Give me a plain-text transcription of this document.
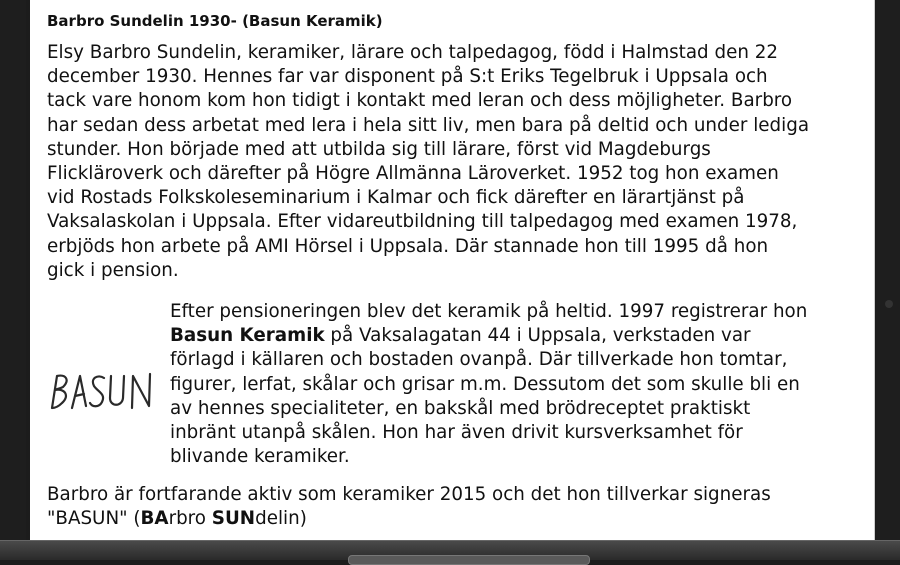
Barbro Sundelin 1930- (Basun Keramik)

Elsy Barbro Sundelin, keramiker, lärare och talpedagog, född i Halmstad den 22
december 1930. Hennes far var disponent på S:t Eriks Tegelbruk i Uppsala och
tack vare honom kom hon tidigt i kontakt med leran och dess möjligheter. Barbro
har sedan dess arbetat med lera i hela sitt liv, men bara på deltid och under lediga
stunder. Hon började med att utbilda sig till lärare, först vid Magdeburgs
Flickläroverk och därefter på Högre Allmänna Läroverket. 1952 tog hon examen
vid Rostads Folkskoleseminarium i Kalmar och fick därefter en lärartjänst på
Vaksalaskolan i Uppsala. Efter vidareutbildning till talpedagog med examen 1978,
erbjöds hon arbete på AMI Hörsel i Uppsala. Där stannade hon till 1995 då hon
gick i pension.

Efter pensioneringen blev det keramik på heltid. 1997 registrerar hon
Basun Keramik på Vaksalagatan 44 i Uppsala, verkstaden var
förlagd i källaren och bostaden ovanpå. Där tillverkade hon tomtar,
figurer, lerfat, skålar och grisar m.m. Dessutom det som skulle bli en
av hennes specialiteter, en bakskål med brödreceptet praktiskt
inbränt utanpå skålen. Hon har även drivit kursverksamhet för
blivande keramiker.

Barbro är fortfarande aktiv som keramiker 2015 och det hon tillverkar signeras
"BASUN" (BArbro SUNdelin)
